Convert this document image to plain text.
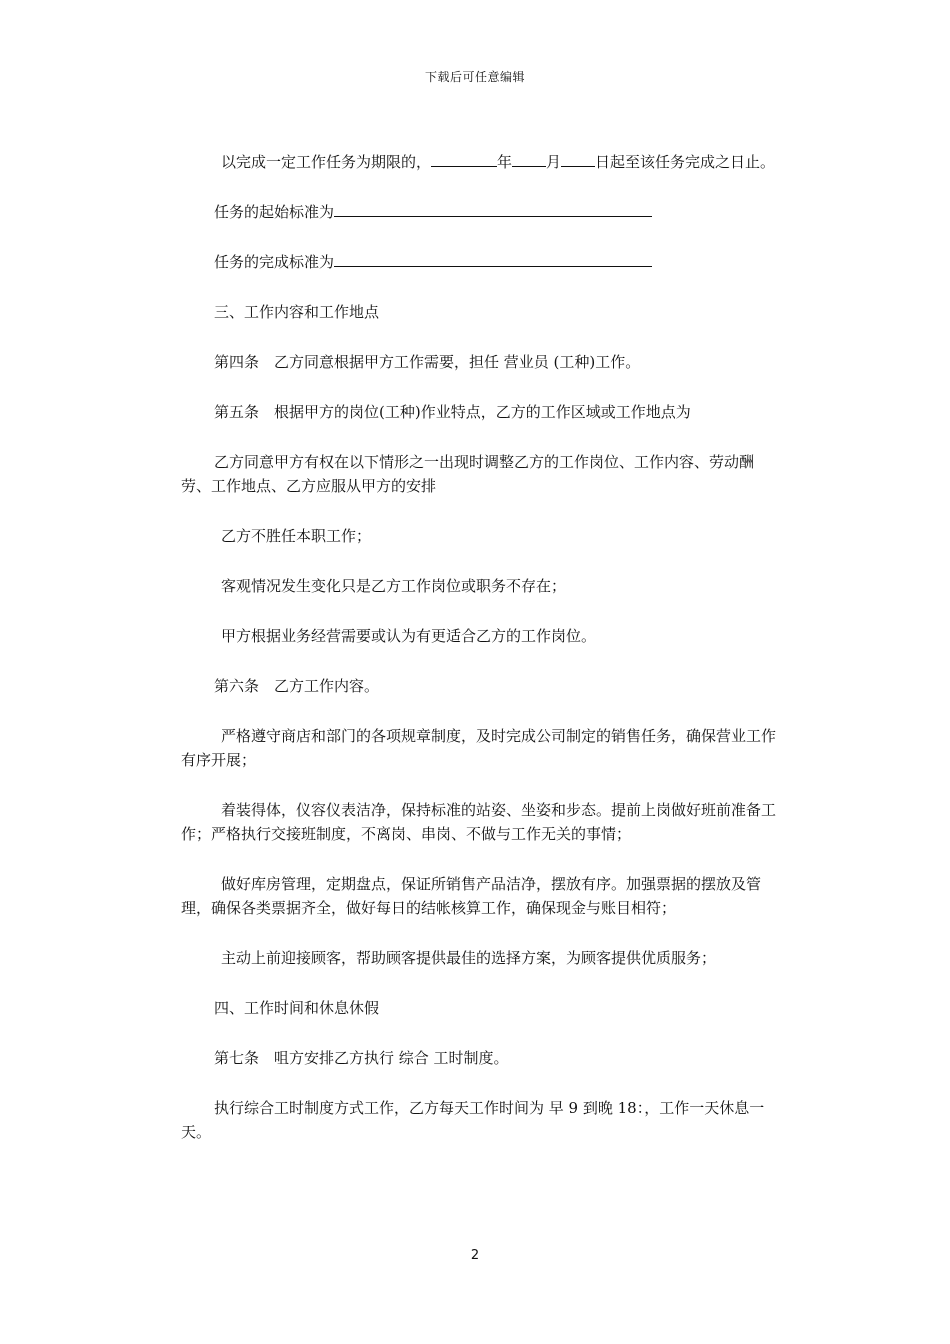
下载后可任意编辑

以完成一定工作任务为期限的，	年 月 日起至该任务完成之日止。

任务的起始标准为

任务的完成标准为

三、工作内容和工作地点

第四条　乙方同意根据甲方工作需要，担任 营业员 (工种)工作。

第五条　根据甲方的岗位(工种)作业特点，乙方的工作区域或工作地点为

乙方同意甲方有权在以下情形之一出现时调整乙方的工作岗位、工作内容、劳动酬劳、工作地点、乙方应服从甲方的安排

乙方不胜任本职工作；

客观情况发生变化只是乙方工作岗位或职务不存在；

甲方根据业务经营需要或认为有更适合乙方的工作岗位。

第六条　乙方工作内容。

严格遵守商店和部门的各项规章制度，及时完成公司制定的销售任务，确保营业工作有序开展；

着装得体，仪容仪表洁净，保持标准的站姿、坐姿和步态。提前上岗做好班前准备工作；严格执行交接班制度，不离岗、串岗、不做与工作无关的事情；

做好库房管理，定期盘点，保证所销售产品洁净，摆放有序。加强票据的摆放及管理，确保各类票据齐全，做好每日的结帐核算工作，确保现金与账目相符；

主动上前迎接顾客，帮助顾客提供最佳的选择方案，为顾客提供优质服务；

四、工作时间和休息休假

第七条　咀方安排乙方执行 综合 工时制度。

执行综合工时制度方式工作，乙方每天工作时间为 早 9 到晚 18：，工作一天休息一天。

2
